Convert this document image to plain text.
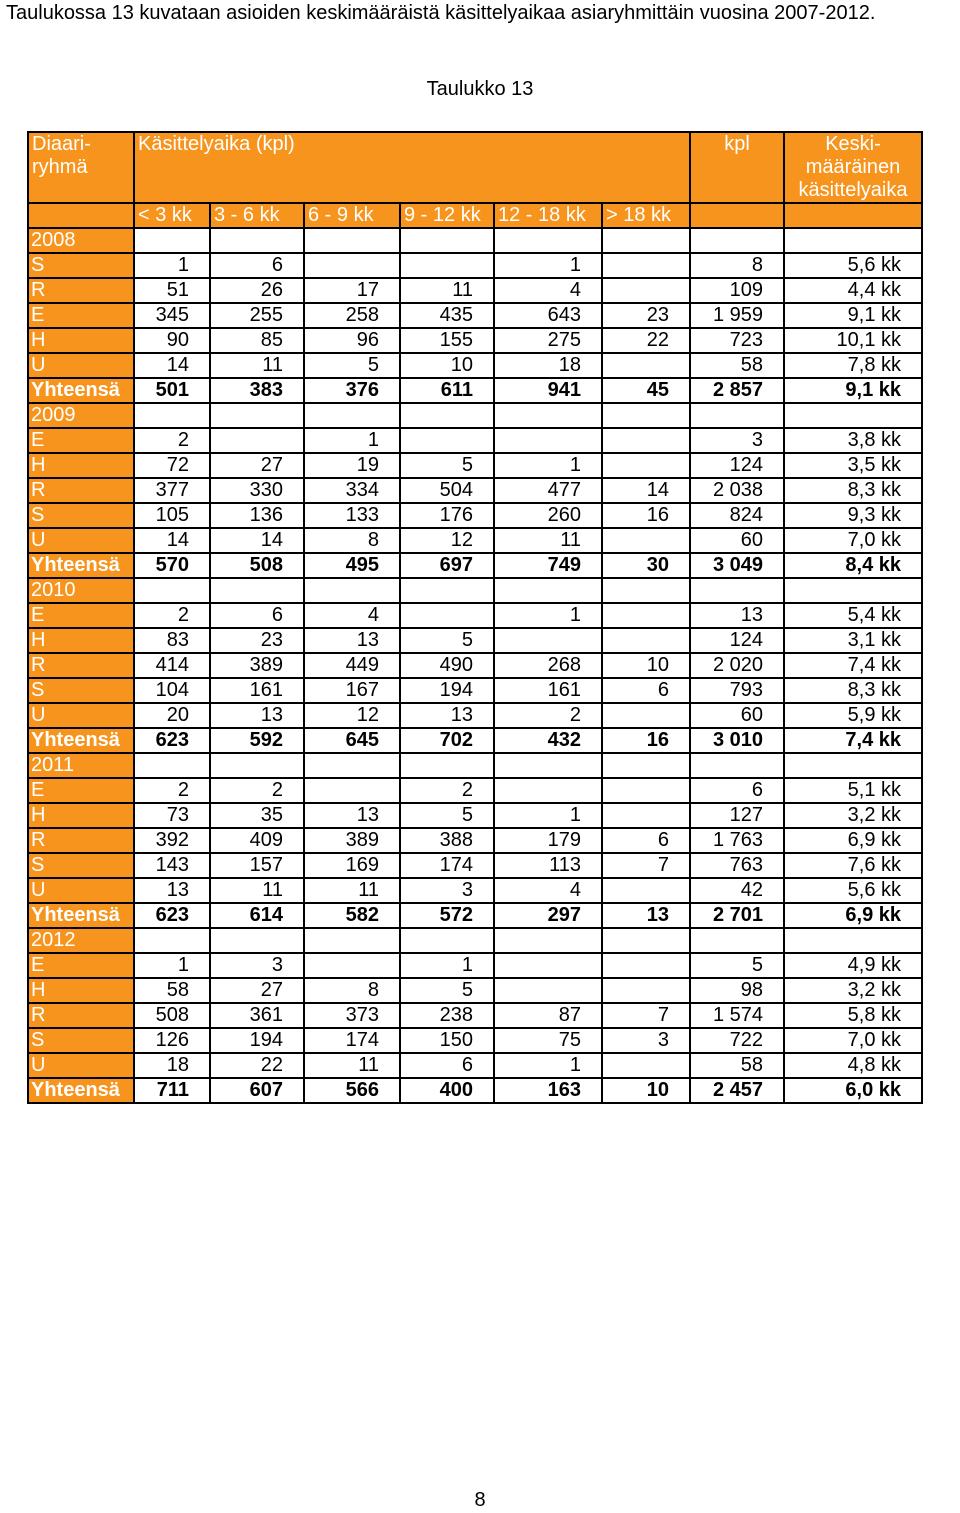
Taulukossa 13 kuvataan asioiden keskimääräistä käsittelyaikaa asiaryhmittäin vuosina 2007-2012.
Taulukko 13
Diaari-ryhmä	Käsittelyaika (kpl)						kpl	Keski-määräinen käsittelyaika
	< 3 kk	3 - 6 kk	6 - 9 kk	9 - 12 kk	12 - 18 kk	> 18 kk		
2008								
S	1	6			1		8	5,6 kk
R	51	26	17	11	4		109	4,4 kk
E	345	255	258	435	643	23	1 959	9,1 kk
H	90	85	96	155	275	22	723	10,1 kk
U	14	11	5	10	18		58	7,8 kk
Yhteensä	501	383	376	611	941	45	2 857	9,1 kk
2009								
E	2		1				3	3,8 kk
H	72	27	19	5	1		124	3,5 kk
R	377	330	334	504	477	14	2 038	8,3 kk
S	105	136	133	176	260	16	824	9,3 kk
U	14	14	8	12	11		60	7,0 kk
Yhteensä	570	508	495	697	749	30	3 049	8,4 kk
2010								
E	2	6	4		1		13	5,4 kk
H	83	23	13	5			124	3,1 kk
R	414	389	449	490	268	10	2 020	7,4 kk
S	104	161	167	194	161	6	793	8,3 kk
U	20	13	12	13	2		60	5,9 kk
Yhteensä	623	592	645	702	432	16	3 010	7,4 kk
2011								
E	2	2		2			6	5,1 kk
H	73	35	13	5	1		127	3,2 kk
R	392	409	389	388	179	6	1 763	6,9 kk
S	143	157	169	174	113	7	763	7,6 kk
U	13	11	11	3	4		42	5,6 kk
Yhteensä	623	614	582	572	297	13	2 701	6,9 kk
2012								
E	1	3		1			5	4,9 kk
H	58	27	8	5			98	3,2 kk
R	508	361	373	238	87	7	1 574	5,8 kk
S	126	194	174	150	75	3	722	7,0 kk
U	18	22	11	6	1		58	4,8 kk
Yhteensä	711	607	566	400	163	10	2 457	6,0 kk
8
